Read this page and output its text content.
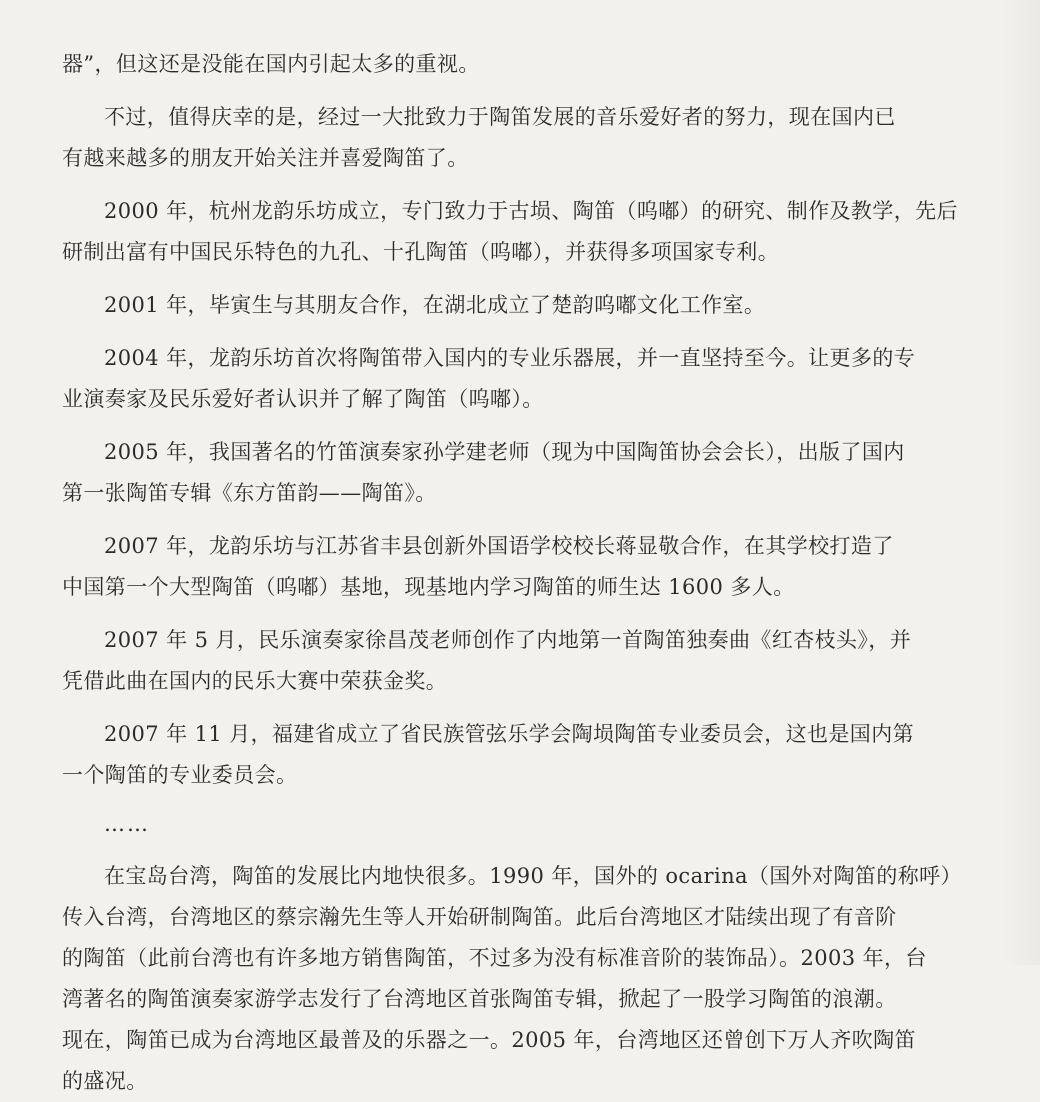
器”，但这还是没能在国内引起太多的重视。

不过，值得庆幸的是，经过一大批致力于陶笛发展的音乐爱好者的努力，现在国内已

有越来越多的朋友开始关注并喜爱陶笛了。

2000 年，杭州龙韵乐坊成立，专门致力于古埙、陶笛（呜嘟）的研究、制作及教学，先后

研制出富有中国民乐特色的九孔、十孔陶笛（呜嘟），并获得多项国家专利。

2001 年，毕寅生与其朋友合作，在湖北成立了楚韵呜嘟文化工作室。

2004 年，龙韵乐坊首次将陶笛带入国内的专业乐器展，并一直坚持至今。让更多的专

业演奏家及民乐爱好者认识并了解了陶笛（呜嘟）。

2005 年，我国著名的竹笛演奏家孙学建老师（现为中国陶笛协会会长），出版了国内

第一张陶笛专辑《东方笛韵——陶笛》。

2007 年，龙韵乐坊与江苏省丰县创新外国语学校校长蒋显敬合作，在其学校打造了

中国第一个大型陶笛（呜嘟）基地，现基地内学习陶笛的师生达 1600 多人。

2007 年 5 月，民乐演奏家徐昌茂老师创作了内地第一首陶笛独奏曲《红杏枝头》，并

凭借此曲在国内的民乐大赛中荣获金奖。

2007 年 11 月，福建省成立了省民族管弦乐学会陶埙陶笛专业委员会，这也是国内第

一个陶笛的专业委员会。

……

在宝岛台湾，陶笛的发展比内地快很多。1990 年，国外的 ocarina（国外对陶笛的称呼）

传入台湾，台湾地区的蔡宗瀚先生等人开始研制陶笛。此后台湾地区才陆续出现了有音阶

的陶笛（此前台湾也有许多地方销售陶笛，不过多为没有标准音阶的装饰品）。2003 年，台

湾著名的陶笛演奏家游学志发行了台湾地区首张陶笛专辑，掀起了一股学习陶笛的浪潮。

现在，陶笛已成为台湾地区最普及的乐器之一。2005 年，台湾地区还曾创下万人齐吹陶笛

的盛况。
